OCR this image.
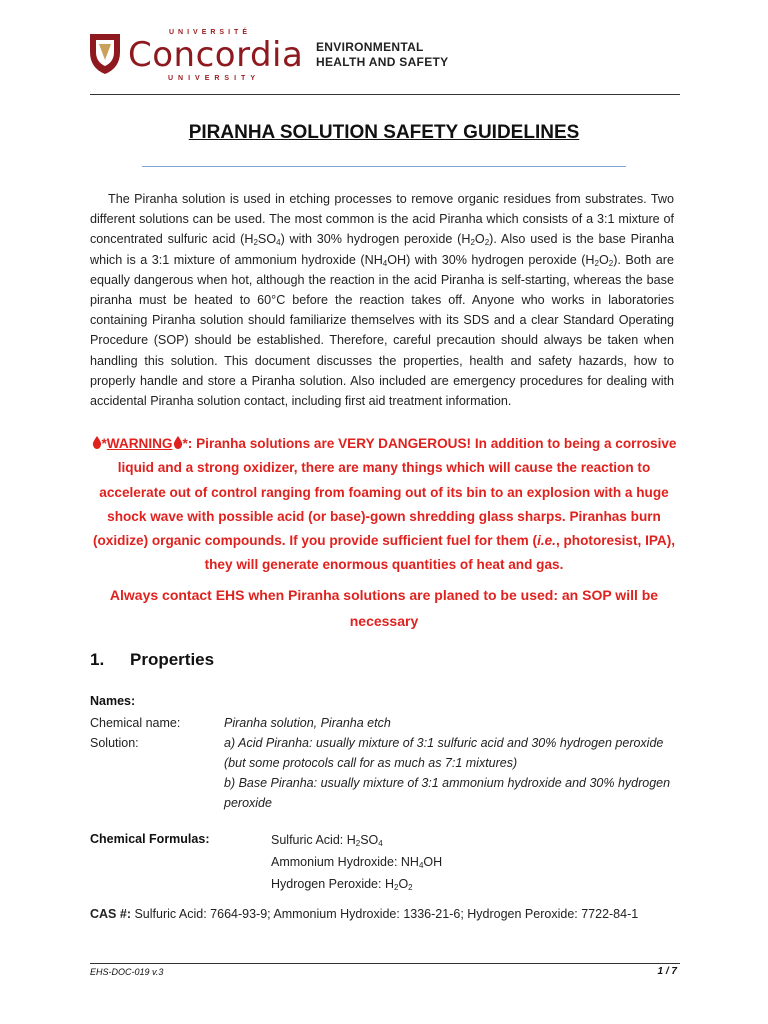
UNIVERSITÉ
Concordia
UNIVERSITY
ENVIRONMENTAL
HEALTH AND SAFETY
PIRANHA SOLUTION SAFETY GUIDELINES

The Piranha solution is used in etching processes to remove organic residues from substrates. Two different solutions can be used. The most common is the acid Piranha which consists of a 3:1 mixture of concentrated sulfuric acid $(H_2SO_4)$ with 30% hydrogen peroxide $(H_2O_2)$. Also used is the base Piranha which is a 3:1 mixture of ammonium hydroxide $(NH_4OH)$ with 30% hydrogen peroxide $(H_2O_2)$. Both are equally dangerous when hot, although the reaction in the acid Piranha is self-starting, whereas the base piranha must be heated to 60°C before the reaction takes off. Anyone who works in laboratories containing Piranha solution should familiarize themselves with its SDS and a clear Standard Operating Procedure (SOP) should be established. Therefore, careful precaution should always be taken when handling this solution. This document discusses the properties, health and safety hazards, how to properly handle and store a Piranha solution. Also included are emergency procedures for dealing with accidental Piranha solution contact, including first aid treatment information.

*WARNING *: Piranha solutions are VERY DANGEROUS! In addition to being a corrosive liquid and a strong oxidizer, there are many things which will cause the reaction to accelerate out of control ranging from foaming out of its bin to an explosion with a huge shock wave with possible acid (or base)-gown shredding glass sharps. Piranhas burn (oxidize) organic compounds. If you provide sufficient fuel for them (i.e., photoresist, IPA), they will generate enormous quantities of heat and gas.

Always contact EHS when Piranha solutions are planed to be used: an SOP will be necessary

1. Properties
Names:
Chemical name:	Piranha solution, Piranha etch

Solution:	a) Acid Piranha: usually mixture of 3:1 sulfuric acid and 30% hydrogen peroxide (but some protocols call for as much as 7:1 mixtures)

b) Base Piranha: usually mixture of 3:1 ammonium hydroxide and 30% hydrogen peroxide

Chemical Formulas:	Sulfuric Acid: $H_2SO_4$
Ammonium Hydroxide: $NH_4OH$
Hydrogen Peroxide: $H_2O_2$
CAS #: Sulfuric Acid: 7664-93-9; Ammonium Hydroxide: 1336-21-6; Hydrogen Peroxide: 7722-84-1
EHS-DOC-019 v.3	1 / 7
